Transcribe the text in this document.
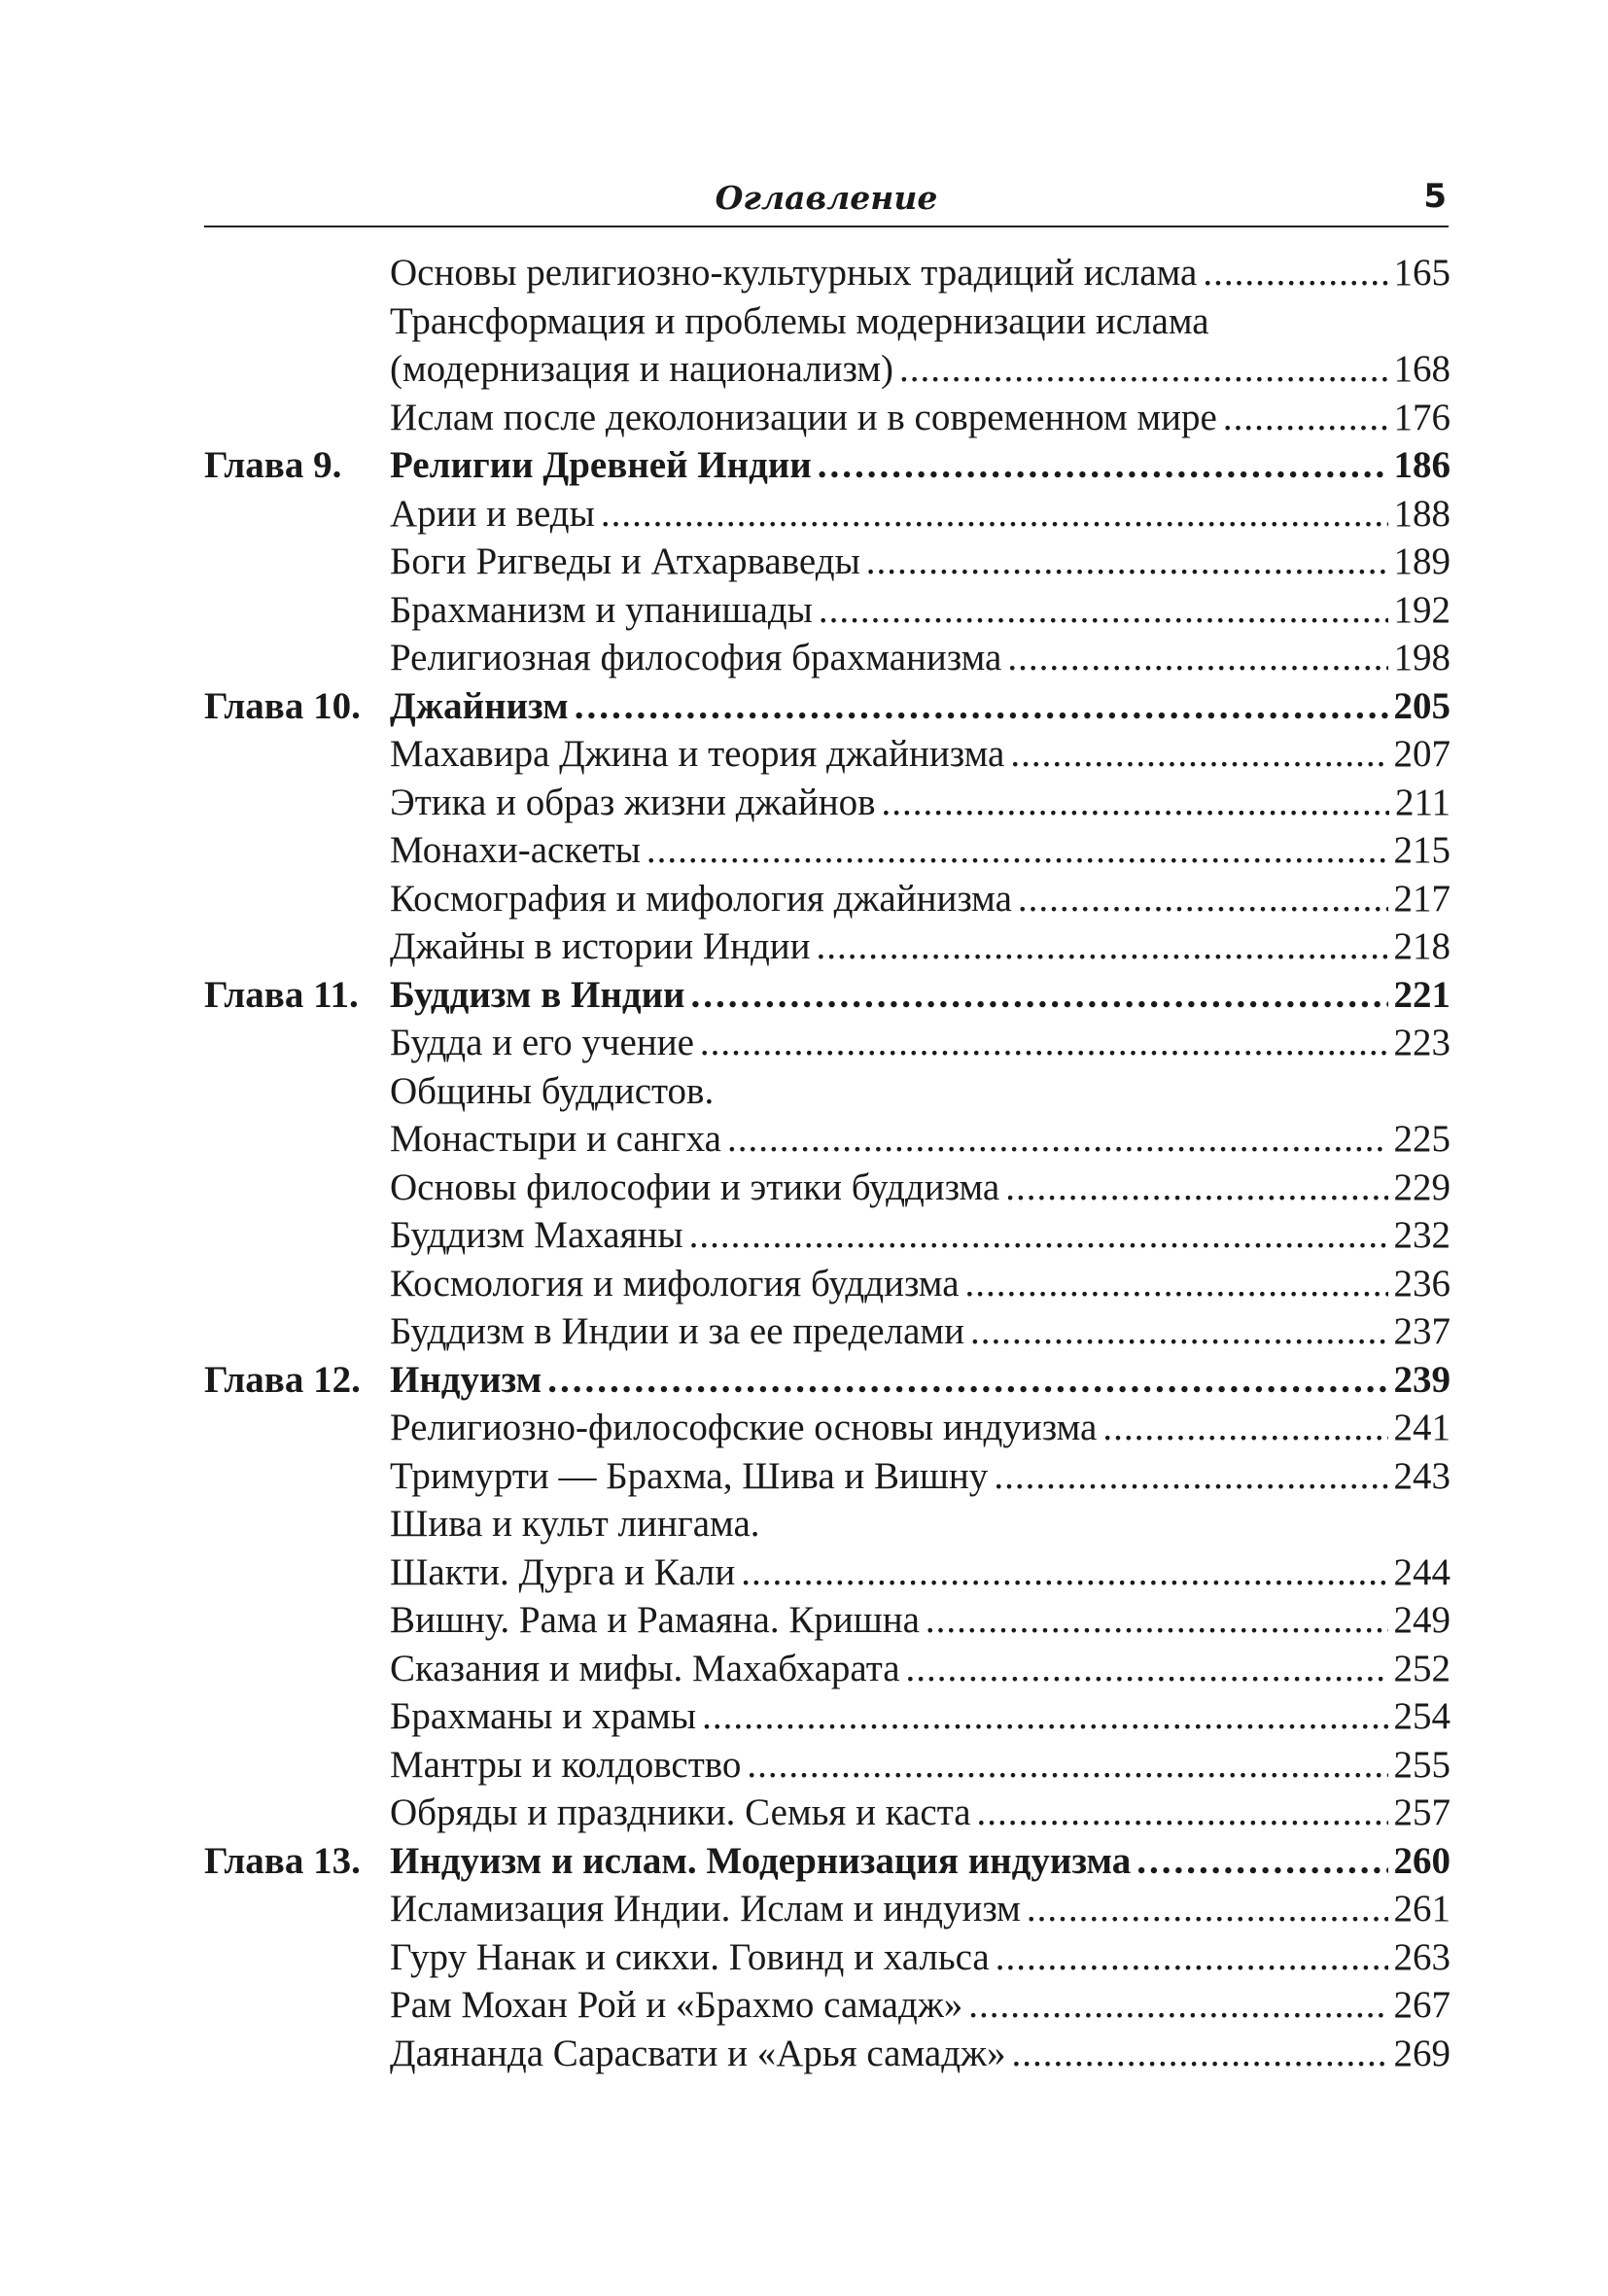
Оглавление	5
Основы религиозно-культурных традиций ислама .....	165
Трансформация и проблемы модернизации ислама
(модернизация и национализм) .....	168
Ислам после деколонизации и в современном мире .....	176
Глава 9. Религии Древней Индии .....	186
Арии и веды .....	188
Боги Ригведы и Атхарваведы .....	189
Брахманизм и упанишады .....	192
Религиозная философия брахманизма .....	198
Глава 10. Джайнизм .....	205
Махавира Джина и теория джайнизма .....	207
Этика и образ жизни джайнов .....	211
Монахи-аскеты .....	215
Космография и мифология джайнизма .....	217
Джайны в истории Индии .....	218
Глава 11. Буддизм в Индии .....	221
Будда и его учение .....	223
Общины буддистов.
Монастыри и сангха .....	225
Основы философии и этики буддизма .....	229
Буддизм Махаяны .....	232
Космология и мифология буддизма .....	236
Буддизм в Индии и за ее пределами .....	237
Глава 12. Индуизм .....	239
Религиозно-философские основы индуизма .....	241
Тримурти — Брахма, Шива и Вишну .....	243
Шива и культ лингама.
Шакти. Дурга и Кали .....	244
Вишну. Рама и Рамаяна. Кришна .....	249
Сказания и мифы. Махабхарата .....	252
Брахманы и храмы .....	254
Мантры и колдовство .....	255
Обряды и праздники. Семья и каста .....	257
Глава 13. Индуизм и ислам. Модернизация индуизма .....	260
Исламизация Индии. Ислам и индуизм .....	261
Гуру Нанак и сикхи. Говинд и хальса .....	263
Рам Мохан Рой и «Брахмо самадж» .....	267
Даянанда Сарасвати и «Арья самадж» .....	269
